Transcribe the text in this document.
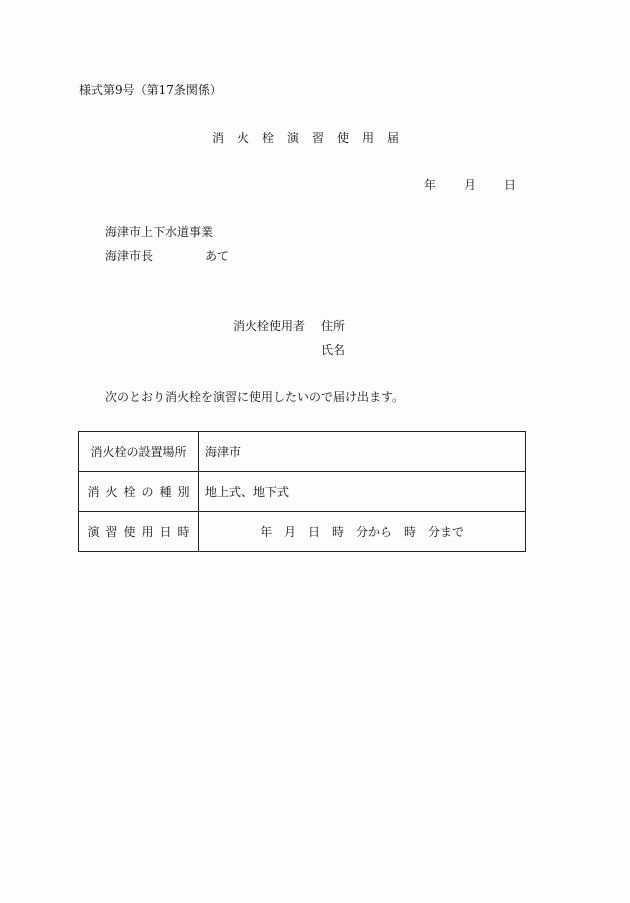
様式第9号（第17条関係）
消火栓演習使用届
年 月 日
海津市上下水道事業
海津市長	あて
消火栓使用者 住所
氏名
次のとおり消火栓を演習に使用したいので届け出ます。
消火栓の設置場所	海津市
消火栓の種別	地上式、地下式
演習使用日時	年　月　日　時　分から　時　分まで
